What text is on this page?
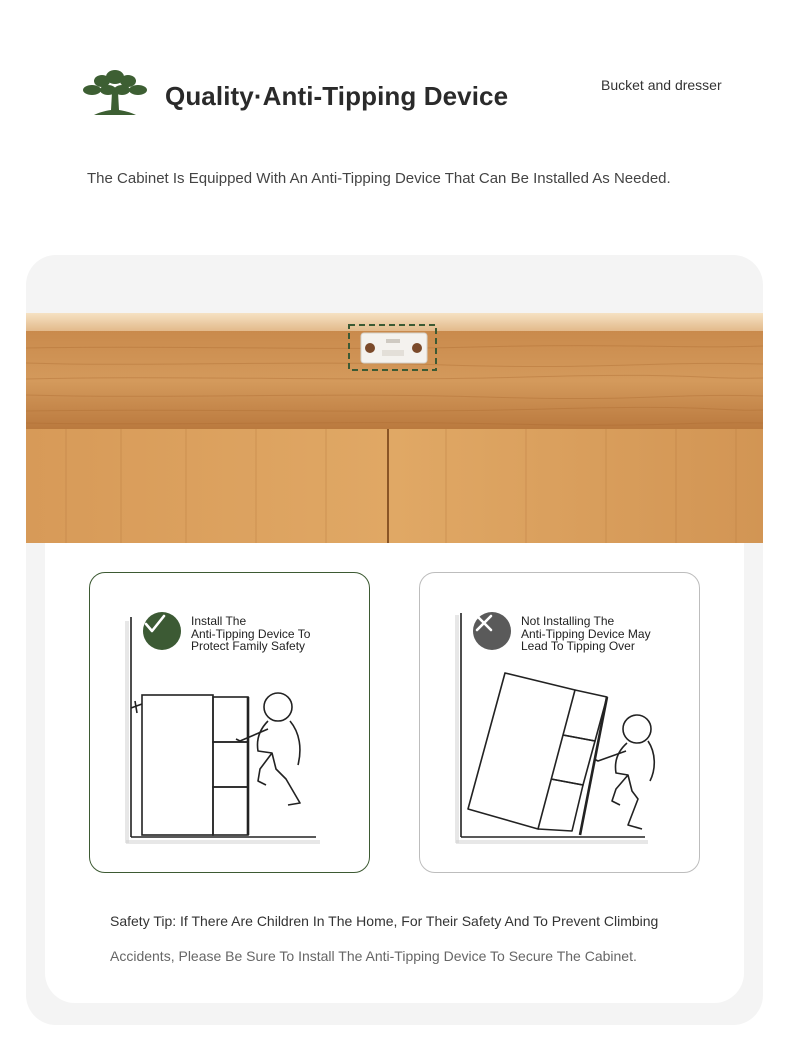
Quality·Anti-Tipping Device	Bucket and dresser
The Cabinet Is Equipped With An Anti-Tipping Device That Can Be Installed As Needed.
Install The
Anti-Tipping Device To
Protect Family Safety
Not Installing The
Anti-Tipping Device May
Lead To Tipping Over
Safety Tip: If There Are Children In The Home, For Their Safety And To Prevent Climbing
Accidents, Please Be Sure To Install The Anti-Tipping Device To Secure The Cabinet.
